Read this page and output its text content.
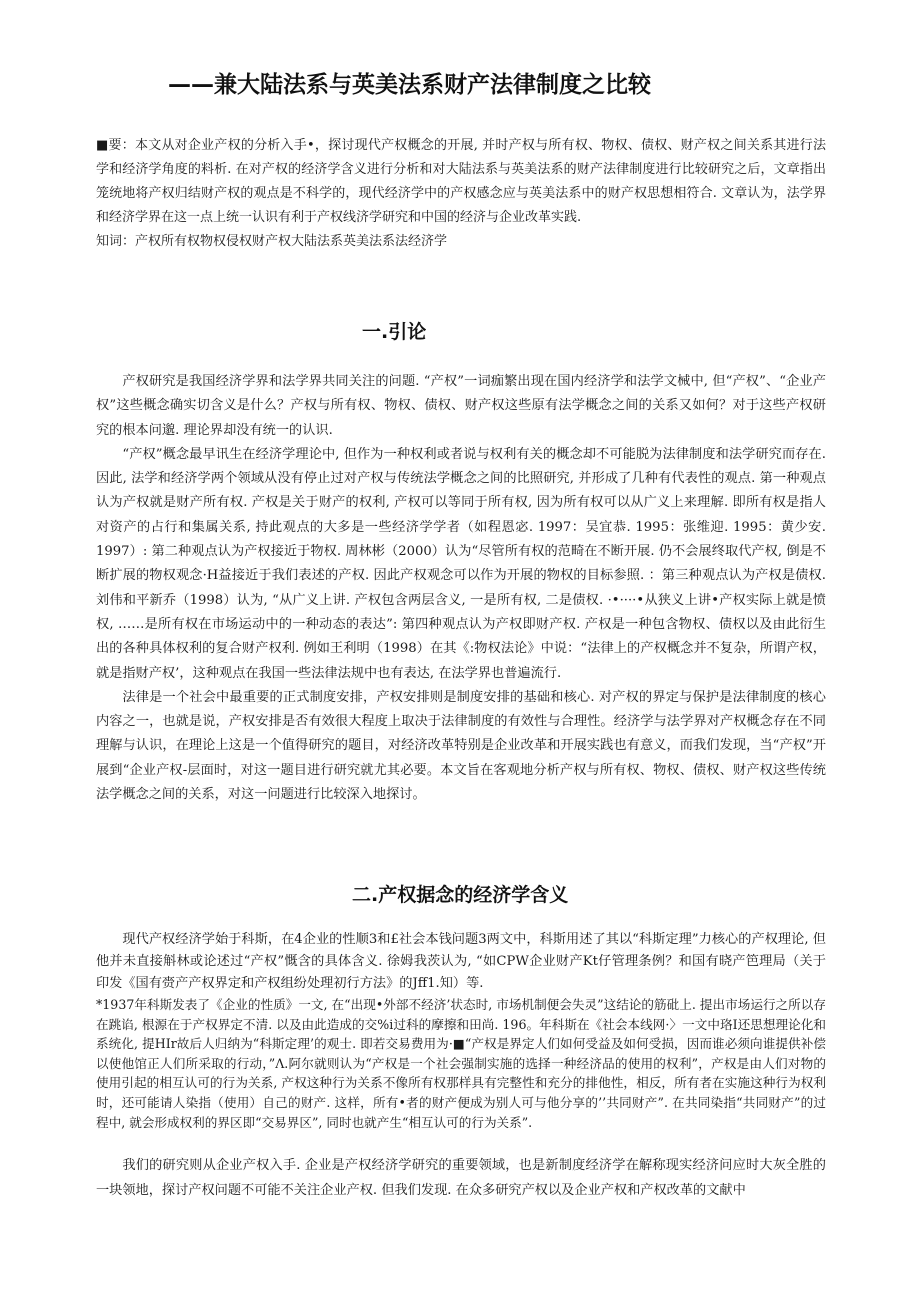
——兼大陆法系与英美法系财产法律制度之比较

■要：本文从对企业产权的分析入手•，探讨现代产权概念的开展, 并时产权与所有权、物权、债权、财产权之间关系其进行法学和经济学角度的料析. 在对产权的经济学含义进行分析和对大陆法系与英美法系的财产法律制度进行比较研究之后，文章指出笼统地将产权归结财产权的观点是不科学的，现代经济学中的产权感念应与英美法系中的财产权思想相符合. 文章认为，法学界和经济学界在这一点上统一认识有利于产权线济学研究和中国的经济与企业改革实践.

知词：产权所有权物权侵权财产权大陆法系英美法系法经济学

一.引论

产权研究是我国经济学界和法学界共同关注的问题. “产权”一词痂繁出现在国内经济学和法学文械中, 但“产权”、“企业产权”这些概念确实切含义是什么？产权与所有权、物权、债权、财产权这些原有法学概念之间的关系又如何？对于这些产权研究的根本问邈. 理论界却没有统一的认识.

“产权”概念最早讯生在经济学理论中, 但作为一种权利或者说与权利有关的概念却不可能脱为法律制度和法学研究而存在. 因此, 法学和经济学两个领域从没有停止过对产权与传统法学概念之间的比照研究, 并形成了几种有代表性的观点. 第一种观点认为产权就是财产所有权. 产权是关于财产的权利, 产权可以等同于所有权, 因为所有权可以从广义上来理解. 即所有权是指人对资产的占行和集属关系, 持此观点的大多是一些经济学学者（如程恩宓. 1997：吴宜恭. 1995：张维迎. 1995：黄少安. 1997）: 第二种观点认为产权接近于物权. 周林彬（2000）认为“尽管所有权的范畸在不断开展. 仍不会展终取代产权, 倒是不断扩展的物权观念·H益接近于我们表述的产权. 因此产权观念可以作为开展的物权的目标参照. ：第三种观点认为产权是债权. 刘伟和平新乔（1998）认为, “从广义上讲. 产权包含两层含义, 一是所有权, 二是债权. ·•····•从狭义上讲•产权实际上就是愤权, ……是所有权在市场运动中的一种动态的表达”: 第四种观点认为产权即财产权. 产权是一种包含物权、债权以及由此衍生出的各种具体权利的复合财产权利. 例如王利明（1998）在其《:物权法论》中说：“法律上的产权概念并不复杂，所谓产权，就是指财产权’，这种观点在我国一些法律法规中也有表达, 在法学界也普遍流行.

法律是一个社会中最重要的正式制度安排，产权安排则是制度安排的基础和核心. 对产权的界定与保护是法律制度的核心内容之一，也就是说，产权安排是否有效很大程度上取决于法律制度的有效性与合理性。经济学与法学界对产权概念存在不同理解与认识，在理论上这是一个值得研究的题目，对经济改革特别是企业改革和开展实践也有意义，而我们发现，当“产权”开展到“企业产权-层面时，对这一题目进行研究就尤其必要。本文旨在客观地分析产权与所有权、物权、债权、财产权这些传统法学概念之间的关系，对这一问题进行比较深入地探讨。

二.产权据念的经济学含义

现代产权经济学始于科斯，在4企业的性顺3和£社会本钱问题3两文中，科斯用述了其以“科斯定理”力核心的产权理论, 但他并未直接斛林或论述过“产权”慨含的具体含义. 徐姆我茨认为, “如CPW企业财产Kt仔管理条例？和国有晓产笆理局（关于印发《国有赍产产权界定和产权组纷处理初行方法》的Jff1.知）等.

*1937年科斯发表了《企业的性质》一文, 在“出现•外部不经济’状态时, 市场机制便会失灵”这结论的筋砒上. 提出市场运行之所以存在跳谄, 根源在于产权界定不清. 以及由此造成的交%i过科的摩擦和田尚. 196。年科斯在《社会本线网·〉一文中珞I还思想理论化和系统化, 提HIr故后人归纳为“科斯定理’的观士. 即若交易费用为·■“产权是界定人们如何受益及如何受损，因而谁必须向谁提供补偿以使他馆正人们所采取的行动，”Λ.阿尔就则认为“产权是一个社会强制实施的选择一种经济品的使用的权利”，产权是由人们对物的使用引起的相互认可的行为关系, 产权这种行为关系不像所有权那样具有完整性和充分的排他性，相反，所有者在实施这种行为权利时，还可能请人染指（使用）自己的财产. 这样，所有•者的财产便成为别人可与他分享的’’共同财产”. 在共同染指“共同财产”的过程中, 就会形成权利的界区即“交易界区”, 同时也就产生“相互认可的行为关系”.

我们的研究则从企业产权入手. 企业是产权经济学研究的重要领域，也是新制度经济学在解称现实经济问应时大灰全胜的一块领地，探讨产权问题不可能不关注企业产权. 但我们发现. 在众多研究产权以及企业产权和产权改革的文献中
